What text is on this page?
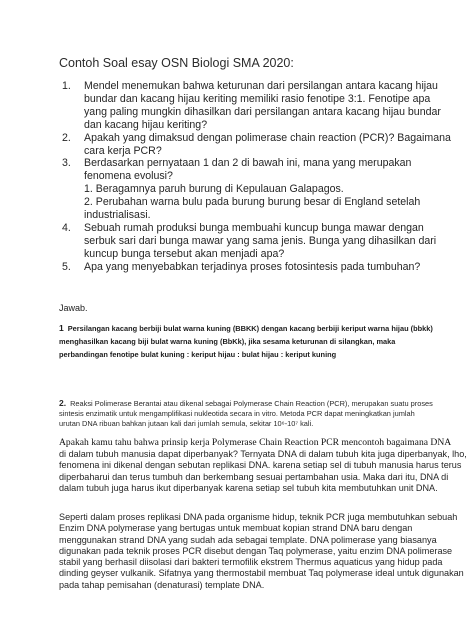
Contoh Soal esay OSN Biologi SMA 2020:
1.	Mendel menemukan bahwa keturunan dari persilangan antara kacang hijau
bundar dan kacang hijau keriting memiliki rasio fenotipe 3:1. Fenotipe apa
yang paling mungkin dihasilkan dari persilangan antara kacang hijau bundar
dan kacang hijau keriting?
2.	Apakah yang dimaksud dengan polimerase chain reaction (PCR)? Bagaimana
cara kerja PCR?
3.	Berdasarkan pernyataan 1 dan 2 di bawah ini, mana yang merupakan
fenomena evolusi?
1. Beragamnya paruh burung di Kepulauan Galapagos.
2. Perubahan warna bulu pada burung burung besar di England setelah
industrialisasi.
4.	Sebuah rumah produksi bunga membuahi kuncup bunga mawar dengan
serbuk sari dari bunga mawar yang sama jenis. Bunga yang dihasilkan dari
kuncup bunga tersebut akan menjadi apa?
5.	Apa yang menyebabkan terjadinya proses fotosintesis pada tumbuhan?
Jawab.
1 Persilangan kacang berbiji bulat warna kuning (BBKK) dengan kacang berbiji keriput warna hijau (bbkk)
menghasilkan kacang biji bulat warna kuning (BbKk), jika sesama keturunan di silangkan, maka
perbandingan fenotipe bulat kuning : keriput hijau : bulat hijau : keriput kuning
2. Reaksi Polimerase Berantai atau dikenal sebagai Polymerase Chain Reaction (PCR), merupakan suatu proses
sintesis enzimatik untuk mengamplifikasi nukleotida secara in vitro. Metoda PCR dapat meningkatkan jumlah
urutan DNA ribuan bahkan jutaan kali dari jumlah semula, sekitar 10⁶-10⁷ kali.
Apakah kamu tahu bahwa prinsip kerja Polymerase Chain Reaction PCR mencontoh bagaimana DNA
di dalam tubuh manusia dapat diperbanyak? Ternyata DNA di dalam tubuh kita juga diperbanyak, lho,
fenomena ini dikenal dengan sebutan replikasi DNA. karena setiap sel di tubuh manusia harus terus
diperbaharui dan terus tumbuh dan berkembang sesuai pertambahan usia. Maka dari itu, DNA di
dalam tubuh juga harus ikut diperbanyak karena setiap sel tubuh kita membutuhkan unit DNA.
Seperti dalam proses replikasi DNA pada organisme hidup, teknik PCR juga membutuhkan sebuah
Enzim DNA polymerase yang bertugas untuk membuat kopian strand DNA baru dengan
menggunakan strand DNA yang sudah ada sebagai template. DNA polimerase yang biasanya
digunakan pada teknik proses PCR disebut dengan Taq polymerase, yaitu enzim DNA polimerase
stabil yang berhasil diisolasi dari bakteri termofilik ekstrem Thermus aquaticus yang hidup pada
dinding geyser vulkanik. Sifatnya yang thermostabil membuat Taq polymerase ideal untuk digunakan
pada tahap pemisahan (denaturasi) template DNA.
